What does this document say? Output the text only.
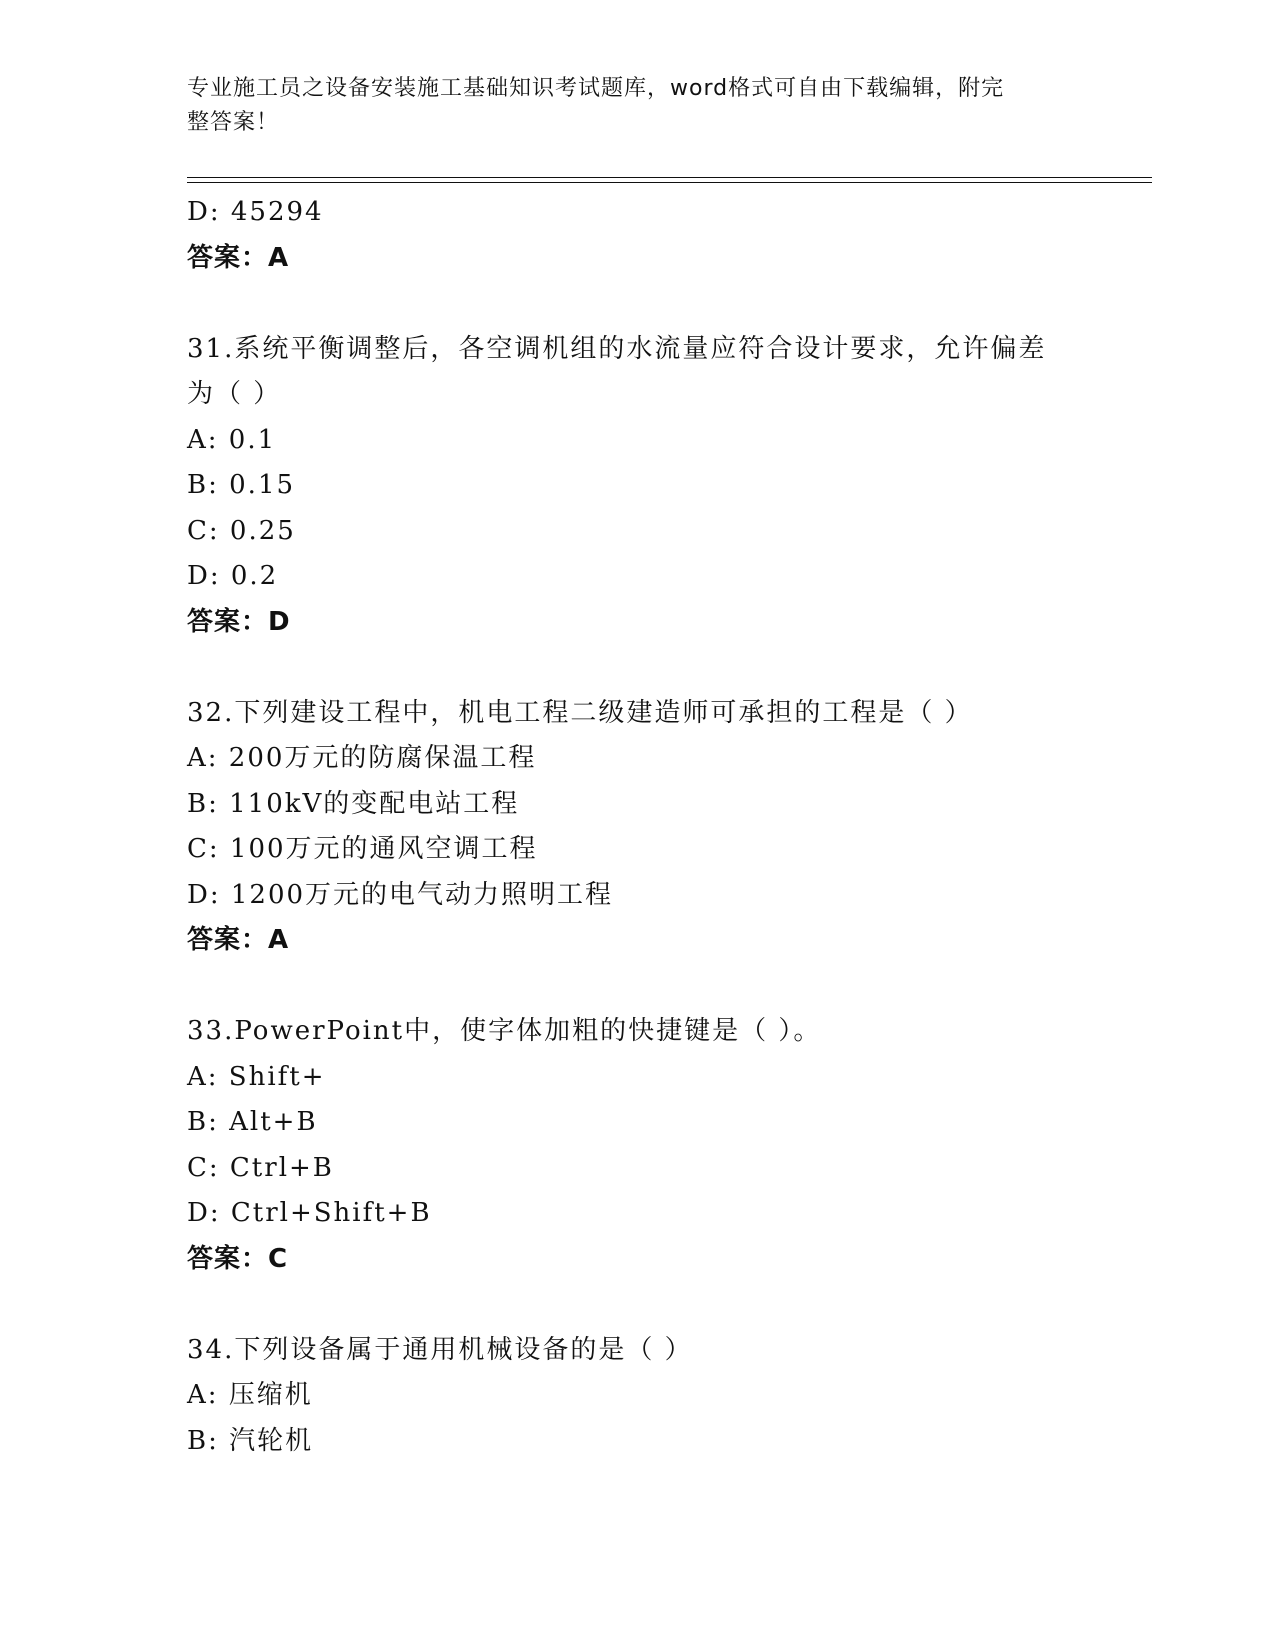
专业施工员之设备安装施工基础知识考试题库，word格式可自由下载编辑，附完
整答案！
D: 45294
答案：A
31.系统平衡调整后，各空调机组的水流量应符合设计要求，允许偏差
为（ ）
A: 0.1
B: 0.15
C: 0.25
D: 0.2
答案：D
32.下列建设工程中，机电工程二级建造师可承担的工程是（ ）
A: 200万元的防腐保温工程
B: 110kV的变配电站工程
C: 100万元的通风空调工程
D: 1200万元的电气动力照明工程
答案：A
33.PowerPoint中，使字体加粗的快捷键是（ ）。
A: Shift+
B: Alt+B
C: Ctrl+B
D: Ctrl+Shift+B
答案：C
34.下列设备属于通用机械设备的是（ ）
A: 压缩机
B: 汽轮机
